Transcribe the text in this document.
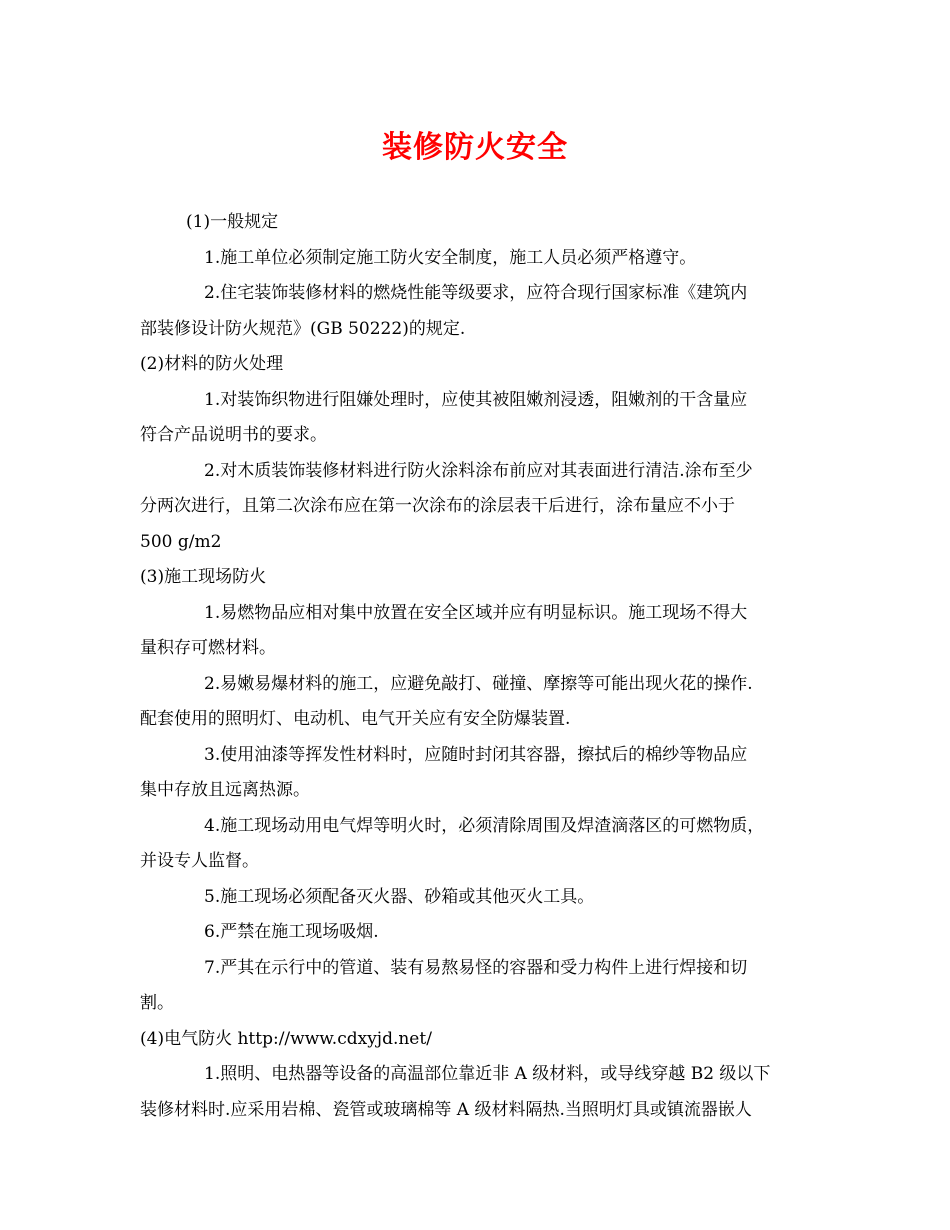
装修防火安全
(1)一般规定
1.施工单位必须制定施工防火安全制度，施工人员必须严格遵守。
2.住宅装饰装修材料的燃烧性能等级要求，应符合现行国家标准《建筑内
部装修设计防火规范》(GB 50222)的规定.
(2)材料的防火处理
1.对装饰织物进行阻嫌处理时，应使其被阻嫩剂浸透，阻嫩剂的干含量应
符合产品说明书的要求。
2.对木质装饰装修材料进行防火涂料涂布前应对其表面进行清洁.涂布至少
分两次进行，且第二次涂布应在第一次涂布的涂层表干后进行，涂布量应不小于
500 g/m2
(3)施工现场防火
1.易燃物品应相对集中放置在安全区域并应有明显标识。施工现场不得大
量积存可燃材料。
2.易嫩易爆材料的施工，应避免敲打、碰撞、摩擦等可能出现火花的操作.
配套使用的照明灯、电动机、电气开关应有安全防爆装置.
3.使用油漆等挥发性材料时，应随时封闭其容器，擦拭后的棉纱等物品应
集中存放且远离热源。
4.施工现场动用电气焊等明火时，必须清除周围及焊渣滴落区的可燃物质，
并设专人监督。
5.施工现场必须配备灭火器、砂箱或其他灭火工具。
6.严禁在施工现场吸烟.
7.严其在示行中的管道、装有易熬易怪的容器和受力构件上进行焊接和切
割。
(4)电气防火 http://www.cdxyjd.net/
1.照明、电热器等设备的高温部位靠近非 A 级材料，或导线穿越 B2 级以下
装修材料时.应采用岩棉、瓷管或玻璃棉等 A 级材料隔热.当照明灯具或镇流器嵌人
